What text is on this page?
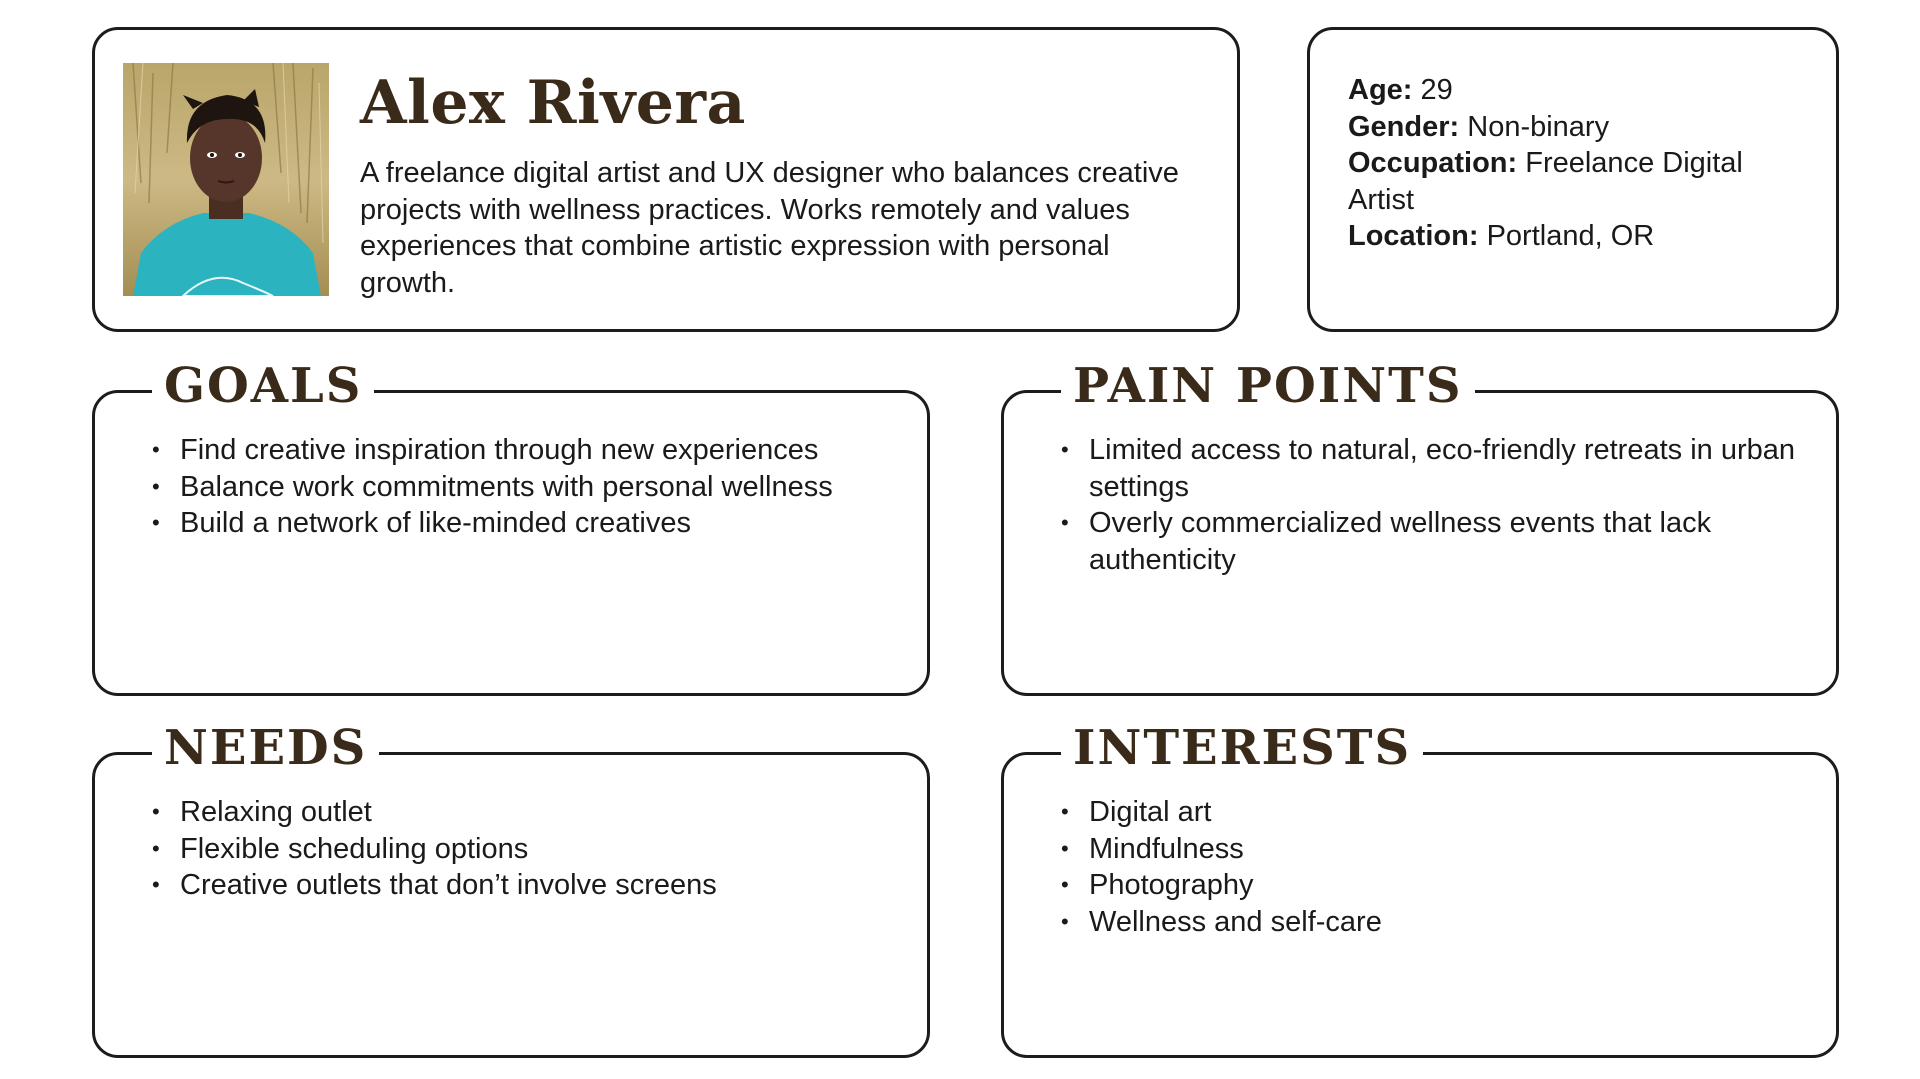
Alex Rivera

A freelance digital artist and UX designer who balances creative projects with wellness practices. Works remotely and values experiences that combine artistic expression with personal growth.

Age: 29
Gender: Non-binary
Occupation: Freelance Digital Artist
Location: Portland, OR
GOALS
• Find creative inspiration through new experiences
• Balance work commitments with personal wellness
• Build a network of like-minded creatives
PAIN POINTS
• Limited access to natural, eco-friendly retreats in urban settings
• Overly commercialized wellness events that lack authenticity
NEEDS
• Relaxing outlet
• Flexible scheduling options
• Creative outlets that don’t involve screens
INTERESTS
• Digital art
• Mindfulness
• Photography
• Wellness and self-care
